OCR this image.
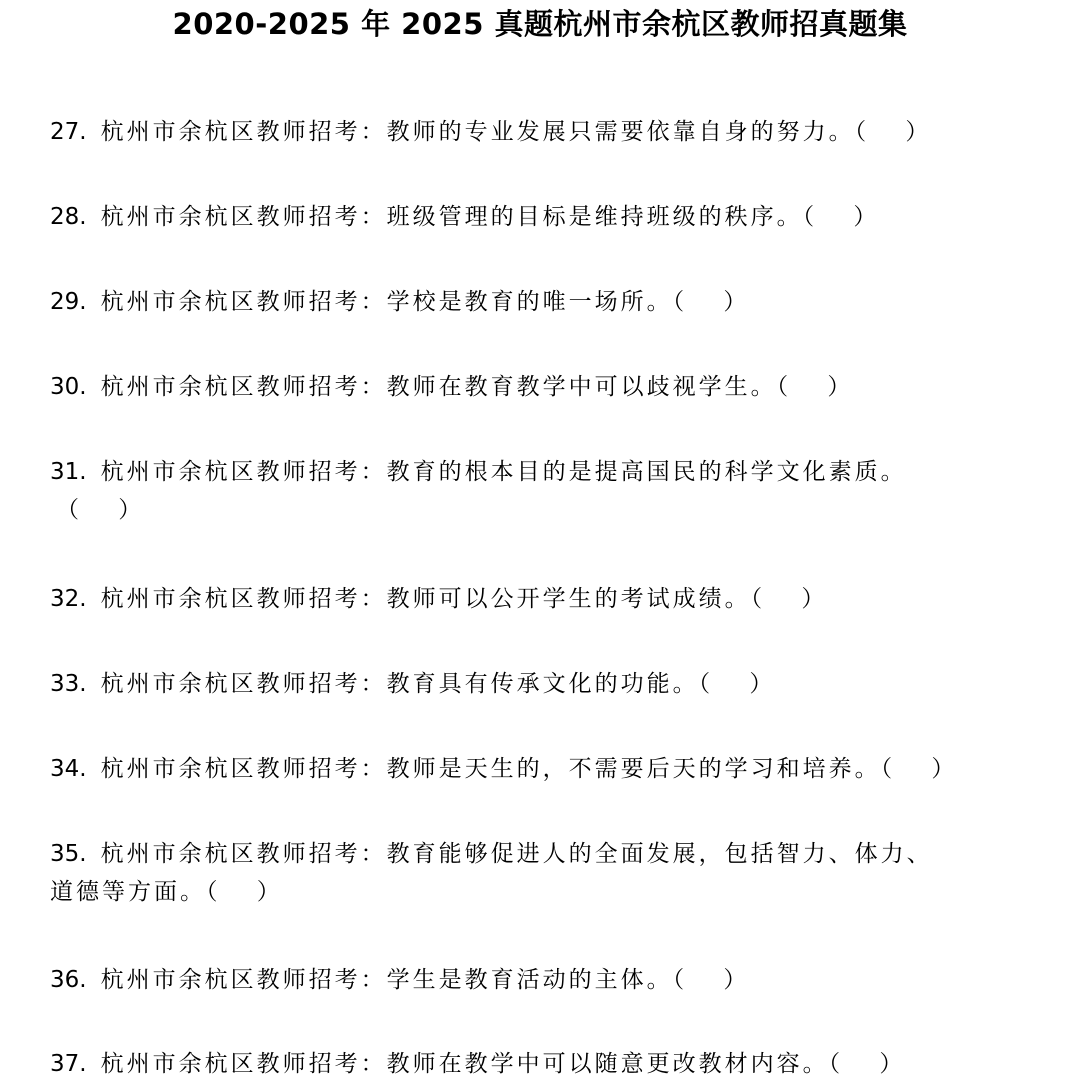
2020-2025 年 2025 真题杭州市余杭区教师招真题集
27. 杭州市余杭区教师招考：教师的专业发展只需要依靠自身的努力。（　 ）
28. 杭州市余杭区教师招考：班级管理的目标是维持班级的秩序。（　 ）
29. 杭州市余杭区教师招考：学校是教育的唯一场所。（　 ）
30. 杭州市余杭区教师招考：教师在教育教学中可以歧视学生。（　 ）
31. 杭州市余杭区教师招考：教育的根本目的是提高国民的科学文化素质。
（　 ）
32. 杭州市余杭区教师招考：教师可以公开学生的考试成绩。（　 ）
33. 杭州市余杭区教师招考：教育具有传承文化的功能。（　 ）
34. 杭州市余杭区教师招考：教师是天生的，不需要后天的学习和培养。（　 ）
35. 杭州市余杭区教师招考：教育能够促进人的全面发展，包括智力、体力、
道德等方面。（　 ）
36. 杭州市余杭区教师招考：学生是教育活动的主体。（　 ）
37. 杭州市余杭区教师招考：教师在教学中可以随意更改教材内容。（　 ）
